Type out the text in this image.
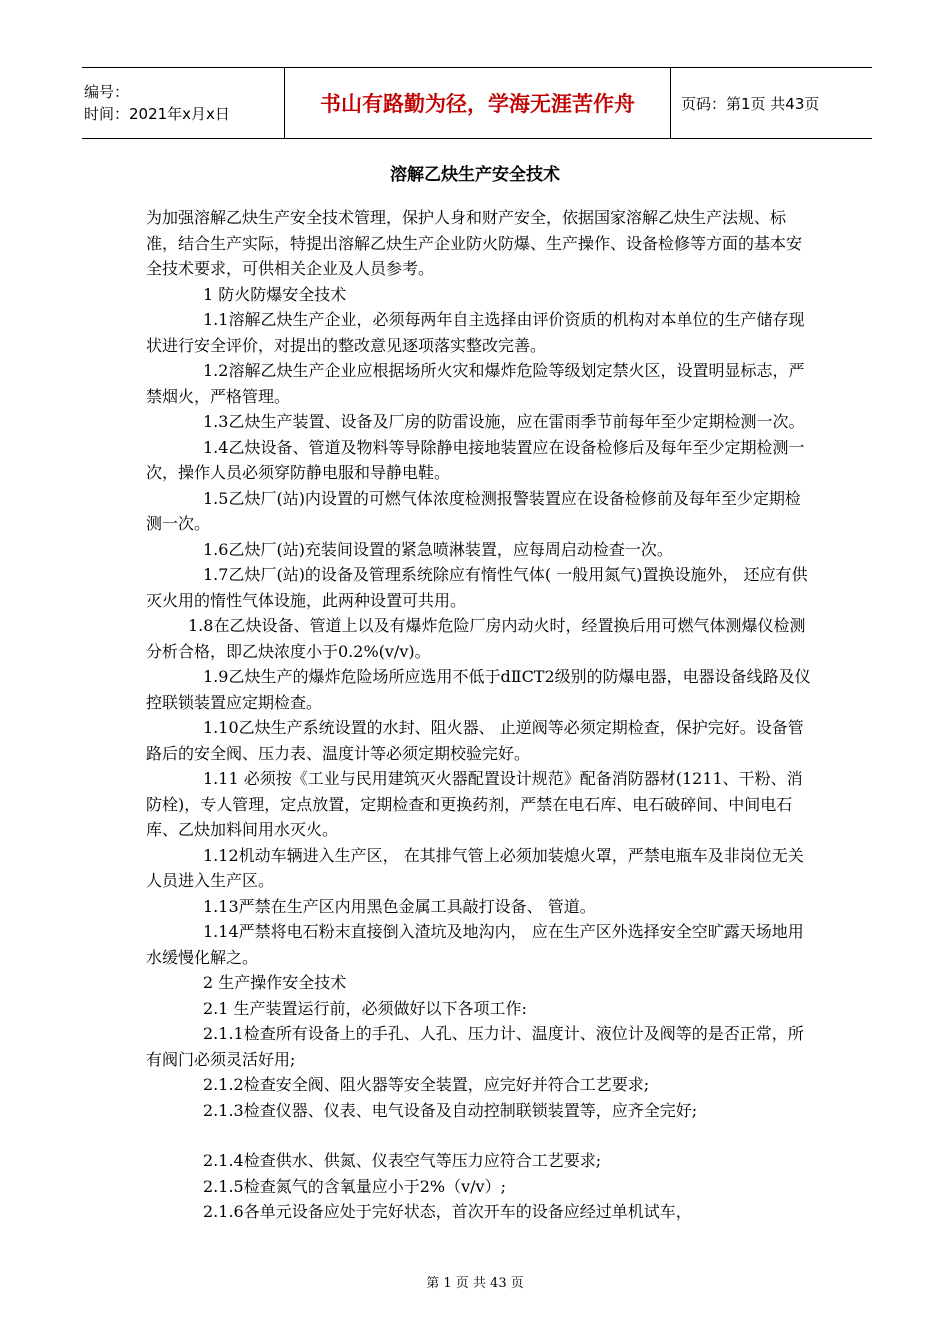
编号：
时间：2021年x月x日	书山有路勤为径，学海无涯苦作舟	页码：第1页 共43页
溶解乙炔生产安全技术

为加强溶解乙炔生产安全技术管理，保护人身和财产安全，依据国家溶解乙炔生产法规、标准，结合生产实际，特提出溶解乙炔生产企业防火防爆、生产操作、设备检修等方面的基本安全技术要求，可供相关企业及人员参考。

1 防火防爆安全技术

1.1溶解乙炔生产企业，必须每两年自主选择由评价资质的机构对本单位的生产储存现状进行安全评价，对提出的整改意见逐项落实整改完善。

1.2溶解乙炔生产企业应根据场所火灾和爆炸危险等级划定禁火区，设置明显标志，严禁烟火，严格管理。

1.3乙炔生产装置、设备及厂房的防雷设施，应在雷雨季节前每年至少定期检测一次。

1.4乙炔设备、管道及物料等导除静电接地装置应在设备检修后及每年至少定期检测一次，操作人员必须穿防静电服和导静电鞋。

1.5乙炔厂(站)内设置的可燃气体浓度检测报警装置应在设备检修前及每年至少定期检测一次。

1.6乙炔厂(站)充装间设置的紧急喷淋装置，应每周启动检查一次。

1.7乙炔厂(站)的设备及管理系统除应有惰性气体( 一般用氮气)置换设施外， 还应有供灭火用的惰性气体设施，此两种设置可共用。

1.8在乙炔设备、管道上以及有爆炸危险厂房内动火时，经置换后用可燃气体测爆仪检测分析合格，即乙炔浓度小于0.2%(v/v)。

1.9乙炔生产的爆炸危险场所应选用不低于dⅡCT2级别的防爆电器，电器设备线路及仪控联锁装置应定期检查。

1.10乙炔生产系统设置的水封、阻火器、 止逆阀等必须定期检查，保护完好。设备管路后的安全阀、压力表、温度计等必须定期校验完好。

1.11 必须按《工业与民用建筑灭火器配置设计规范》配备消防器材(1211、干粉、消防栓)，专人管理，定点放置，定期检查和更换药剂，严禁在电石库、电石破碎间、中间电石库、乙炔加料间用水灭火。

1.12机动车辆进入生产区， 在其排气管上必须加装熄火罩，严禁电瓶车及非岗位无关人员进入生产区。

1.13严禁在生产区内用黑色金属工具敲打设备、 管道。

1.14严禁将电石粉末直接倒入渣坑及地沟内， 应在生产区外选择安全空旷露天场地用水缓慢化解之。

2 生产操作安全技术

2.1 生产装置运行前，必须做好以下各项工作:

2.1.1检查所有设备上的手孔、人孔、压力计、温度计、液位计及阀等的是否正常，所有阀门必须灵活好用;

2.1.2检查安全阀、阻火器等安全装置，应完好并符合工艺要求;

2.1.3检查仪器、仪表、电气设备及自动控制联锁装置等，应齐全完好;

2.1.4检查供水、供氮、仪表空气等压力应符合工艺要求;

2.1.5检查氮气的含氧量应小于2%（v/v）;

2.1.6各单元设备应处于完好状态，首次开车的设备应经过单机试车，

第 1 页 共 43 页
